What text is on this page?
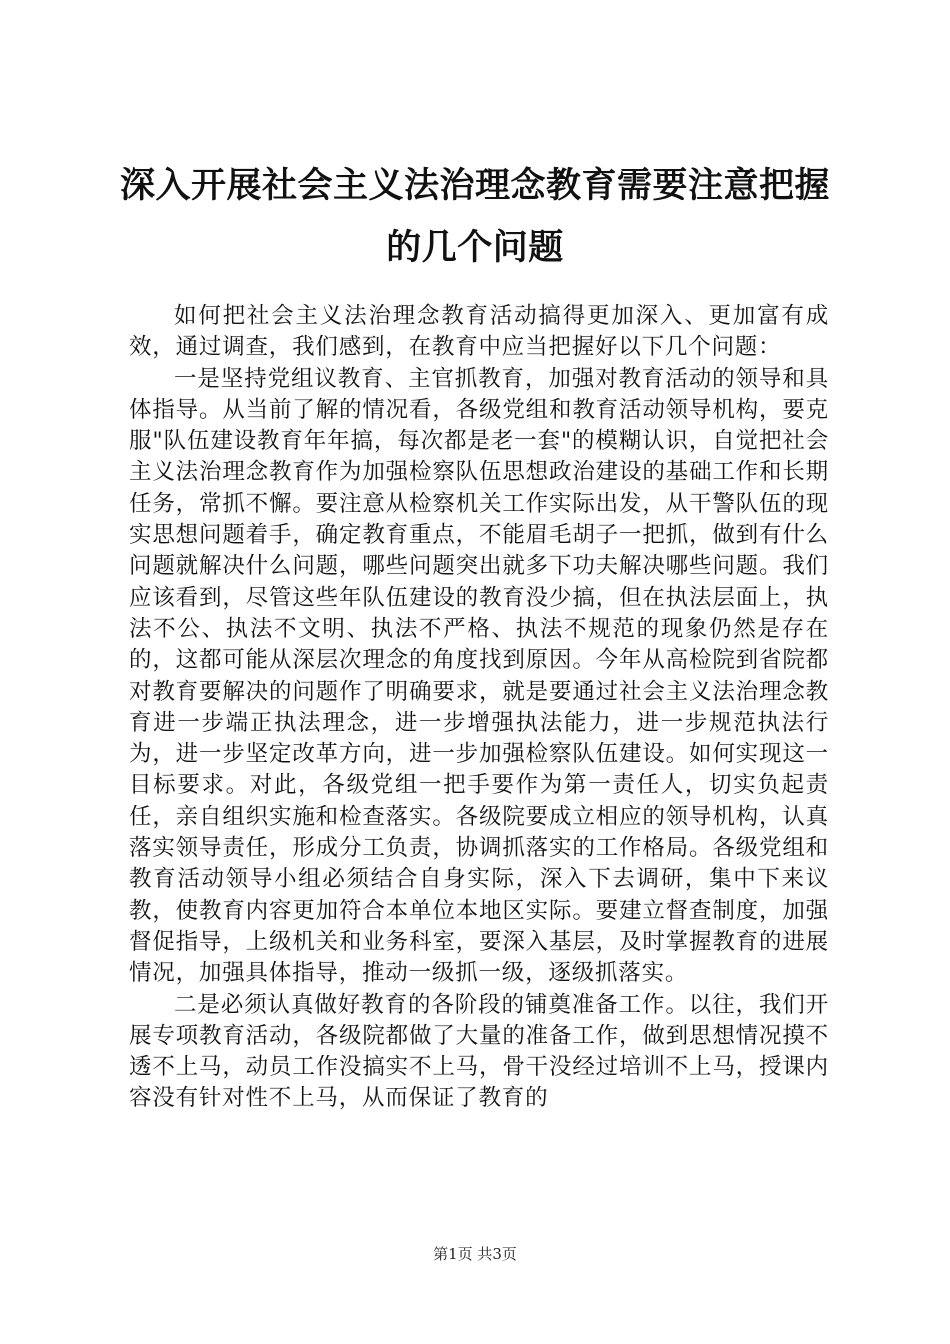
深入开展社会主义法治理念教育需要注意把握的几个问题

如何把社会主义法治理念教育活动搞得更加深入、更加富有成效，通过调查，我们感到，在教育中应当把握好以下几个问题：

一是坚持党组议教育、主官抓教育，加强对教育活动的领导和具体指导。从当前了解的情况看，各级党组和教育活动领导机构，要克服"队伍建设教育年年搞，每次都是老一套"的模糊认识，自觉把社会主义法治理念教育作为加强检察队伍思想政治建设的基础工作和长期任务，常抓不懈。要注意从检察机关工作实际出发，从干警队伍的现实思想问题着手，确定教育重点，不能眉毛胡子一把抓，做到有什么问题就解决什么问题，哪些问题突出就多下功夫解决哪些问题。我们应该看到，尽管这些年队伍建设的教育没少搞，但在执法层面上，执法不公、执法不文明、执法不严格、执法不规范的现象仍然是存在的，这都可能从深层次理念的角度找到原因。今年从高检院到省院都对教育要解决的问题作了明确要求，就是要通过社会主义法治理念教育进一步端正执法理念，进一步增强执法能力，进一步规范执法行为，进一步坚定改革方向，进一步加强检察队伍建设。如何实现这一目标要求。对此，各级党组一把手要作为第一责任人，切实负起责任，亲自组织实施和检查落实。各级院要成立相应的领导机构，认真落实领导责任，形成分工负责，协调抓落实的工作格局。各级党组和教育活动领导小组必须结合自身实际，深入下去调研，集中下来议教，使教育内容更加符合本单位本地区实际。要建立督查制度，加强督促指导，上级机关和业务科室，要深入基层，及时掌握教育的进展情况，加强具体指导，推动一级抓一级，逐级抓落实。

二是必须认真做好教育的各阶段的铺奠准备工作。以往，我们开展专项教育活动，各级院都做了大量的准备工作，做到思想情况摸不透不上马，动员工作没搞实不上马，骨干没经过培训不上马，授课内容没有针对性不上马，从而保证了教育的

第1页 共3页
